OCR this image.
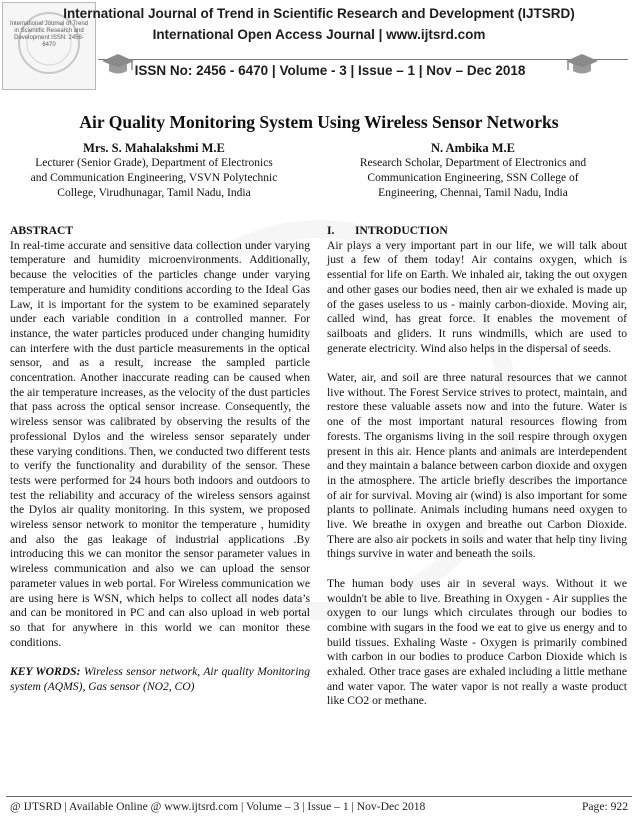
International Journal of Trend in Scientific Research and Development ISSN: 2456-6470
International Journal of Trend in Scientific Research and Development (IJTSRD)
International Open Access Journal | www.ijtsrd.com
ISSN No: 2456 - 6470 | Volume - 3 | Issue – 1 | Nov – Dec 2018
Air Quality Monitoring System Using Wireless Sensor Networks
Mrs. S. Mahalakshmi M.E
Lecturer (Senior Grade), Department of Electronics
and Communication Engineering, VSVN Polytechnic
College, Virudhunagar, Tamil Nadu, India
N. Ambika M.E
Research Scholar, Department of Electronics and
Communication Engineering, SSN College of
Engineering, Chennai, Tamil Nadu, India
ABSTRACT

In real-time accurate and sensitive data collection under varying temperature and humidity microenvironments. Additionally, because the velocities of the particles change under varying temperature and humidity conditions according to the Ideal Gas Law, it is important for the system to be examined separately under each variable condition in a controlled manner. For instance, the water particles produced under changing humidity can interfere with the dust particle measurements in the optical sensor, and as a result, increase the sampled particle concentration. Another inaccurate reading can be caused when the air temperature increases, as the velocity of the dust particles that pass across the optical sensor increase. Consequently, the wireless sensor was calibrated by observing the results of the professional Dylos and the wireless sensor separately under these varying conditions. Then, we conducted two different tests to verify the functionality and durability of the sensor. These tests were performed for 24 hours both indoors and outdoors to test the reliability and accuracy of the wireless sensors against the Dylos air quality monitoring. In this system, we proposed wireless sensor network to monitor the temperature , humidity and also the gas leakage of industrial applications .By introducing this we can monitor the sensor parameter values in wireless communication and also we can upload the sensor parameter values in web portal. For Wireless communication we are using here is WSN, which helps to collect all nodes data’s and can be monitored in PC and can also upload in web portal so that for anywhere in this world we can monitor these conditions.

KEY WORDS: Wireless sensor network, Air quality Monitoring system (AQMS), Gas sensor (NO2, CO)

I. INTRODUCTION

Air plays a very important part in our life, we will talk about just a few of them today! Air contains oxygen, which is essential for life on Earth. We inhaled air, taking the out oxygen and other gases our bodies need, then air we exhaled is made up of the gases useless to us - mainly carbon-dioxide. Moving air, called wind, has great force. It enables the movement of sailboats and gliders. It runs windmills, which are used to generate electricity. Wind also helps in the dispersal of seeds.

Water, air, and soil are three natural resources that we cannot live without. The Forest Service strives to protect, maintain, and restore these valuable assets now and into the future. Water is one of the most important natural resources flowing from forests. The organisms living in the soil respire through oxygen present in this air. Hence plants and animals are interdependent and they maintain a balance between carbon dioxide and oxygen in the atmosphere. The article briefly describes the importance of air for survival. Moving air (wind) is also important for some plants to pollinate. Animals including humans need oxygen to live. We breathe in oxygen and breathe out Carbon Dioxide. There are also air pockets in soils and water that help tiny living things survive in water and beneath the soils.

The human body uses air in several ways. Without it we wouldn't be able to live. Breathing in Oxygen - Air supplies the oxygen to our lungs which circulates through our bodies to combine with sugars in the food we eat to give us energy and to build tissues. Exhaling Waste - Oxygen is primarily combined with carbon in our bodies to produce Carbon Dioxide which is exhaled. Other trace gases are exhaled including a little methane and water vapor. The water vapor is not really a waste product like CO2 or methane.

@ IJTSRD | Available Online @ www.ijtsrd.com | Volume – 3 | Issue – 1 | Nov-Dec 2018	Page: 922
